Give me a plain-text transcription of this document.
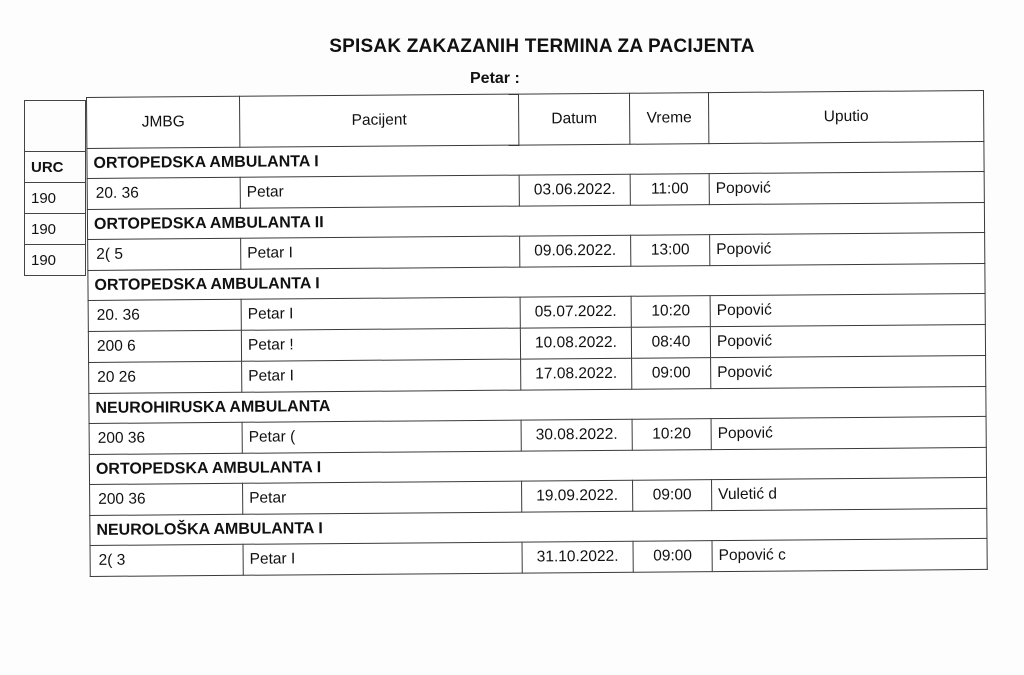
SPISAK ZAKAZANIH TERMINA ZA PACIJENTA
Petar :

URC
190
190
190
JMBG	Pacijent	Datum	Vreme	Uputio
ORTOPEDSKA AMBULANTA I				
20. 36	Petar	03.06.2022.	11:00	Popović
ORTOPEDSKA AMBULANTA II				
2( 5	Petar I	09.06.2022.	13:00	Popović
ORTOPEDSKA AMBULANTA I				
20. 36	Petar I	05.07.2022.	10:20	Popović
200 6	Petar !	10.08.2022.	08:40	Popović
20 26	Petar I	17.08.2022.	09:00	Popović
NEUROHIRUSKA AMBULANTA				
200 36	Petar (	30.08.2022.	10:20	Popović
ORTOPEDSKA AMBULANTA I				
200 36	Petar	19.09.2022.	09:00	Vuletić d
NEUROLOŠKA AMBULANTA I				
2( 3	Petar I	31.10.2022.	09:00	Popović c
